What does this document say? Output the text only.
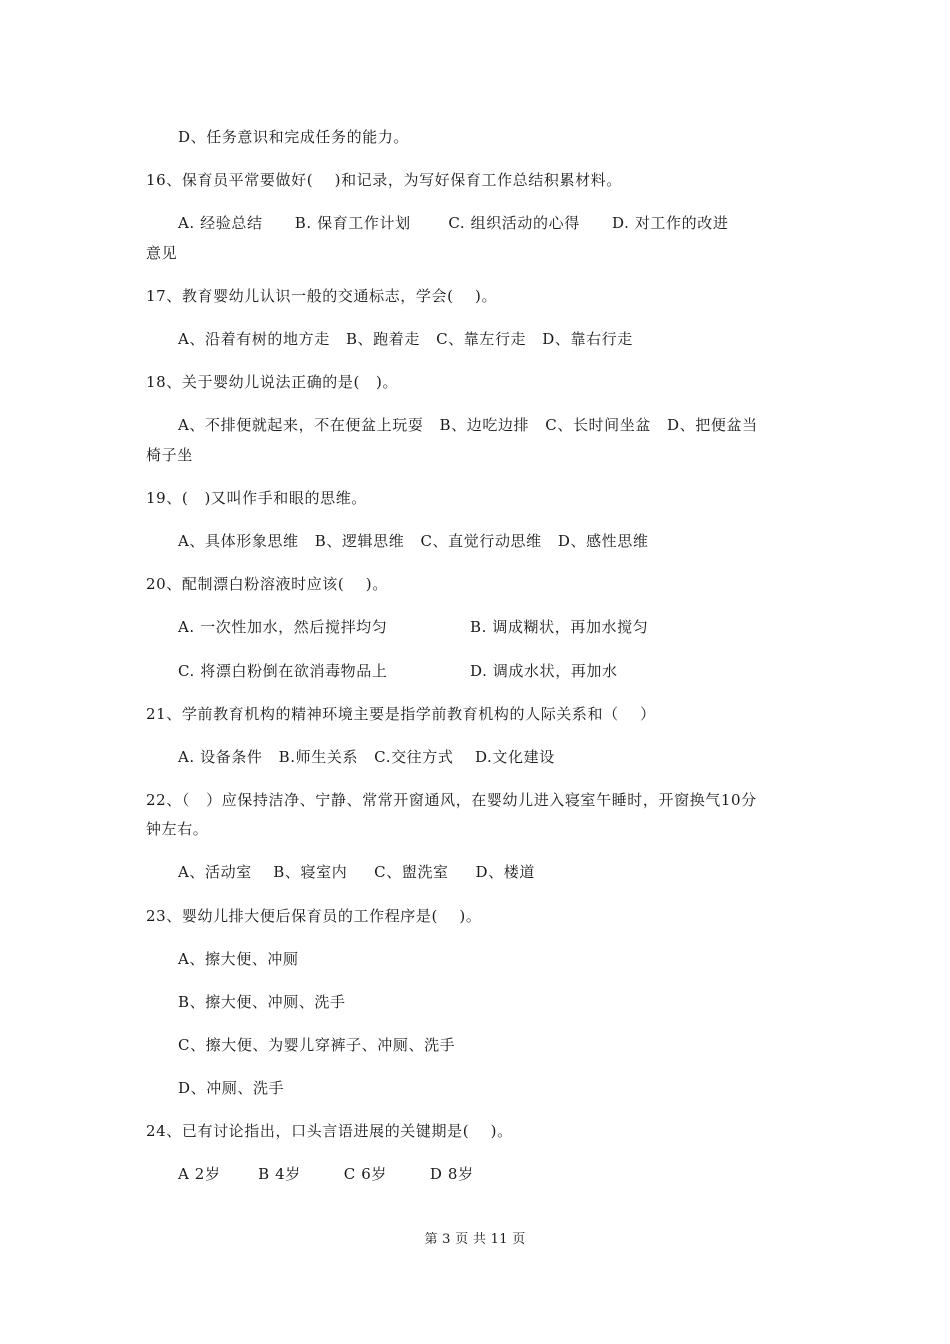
D、任务意识和完成任务的能力。
16、保育员平常要做好(    )和记录，为写好保育工作总结积累材料。
A. 经验总结      B. 保育工作计划       C. 组织活动的心得      D. 对工作的改进
意见
17、教育婴幼儿认识一般的交通标志，学会(    )。
A、沿着有树的地方走   B、跑着走   C、靠左行走   D、靠右行走
18、关于婴幼儿说法正确的是(   )。
A、不排便就起来，不在便盆上玩耍   B、边吃边排   C、长时间坐盆   D、把便盆当
椅子坐
19、(   )又叫作手和眼的思维。
A、具体形象思维   B、逻辑思维   C、直觉行动思维   D、感性思维
20、配制漂白粉溶液时应该(    )。
A. 一次性加水，然后搅拌均匀	B. 调成糊状，再加水搅匀
C. 将漂白粉倒在欲消毒物品上	D. 调成水状，再加水
21、学前教育机构的精神环境主要是指学前教育机构的人际关系和（    ）
A. 设备条件   B.师生关系   C.交往方式    D.文化建设
22、（   ）应保持洁净、宁静、常常开窗通风，在婴幼儿进入寝室午睡时，开窗换气10分
钟左右。
A、活动室    B、寝室内     C、盥洗室     D、楼道
23、婴幼儿排大便后保育员的工作程序是(    )。
A、擦大便、冲厕
B、擦大便、冲厕、洗手
C、擦大便、为婴儿穿裤子、冲厕、洗手
D、冲厕、洗手
24、已有讨论指出，口头言语进展的关键期是(    )。
A 2岁       B 4岁        C 6岁        D 8岁
第 3 页 共 11 页
